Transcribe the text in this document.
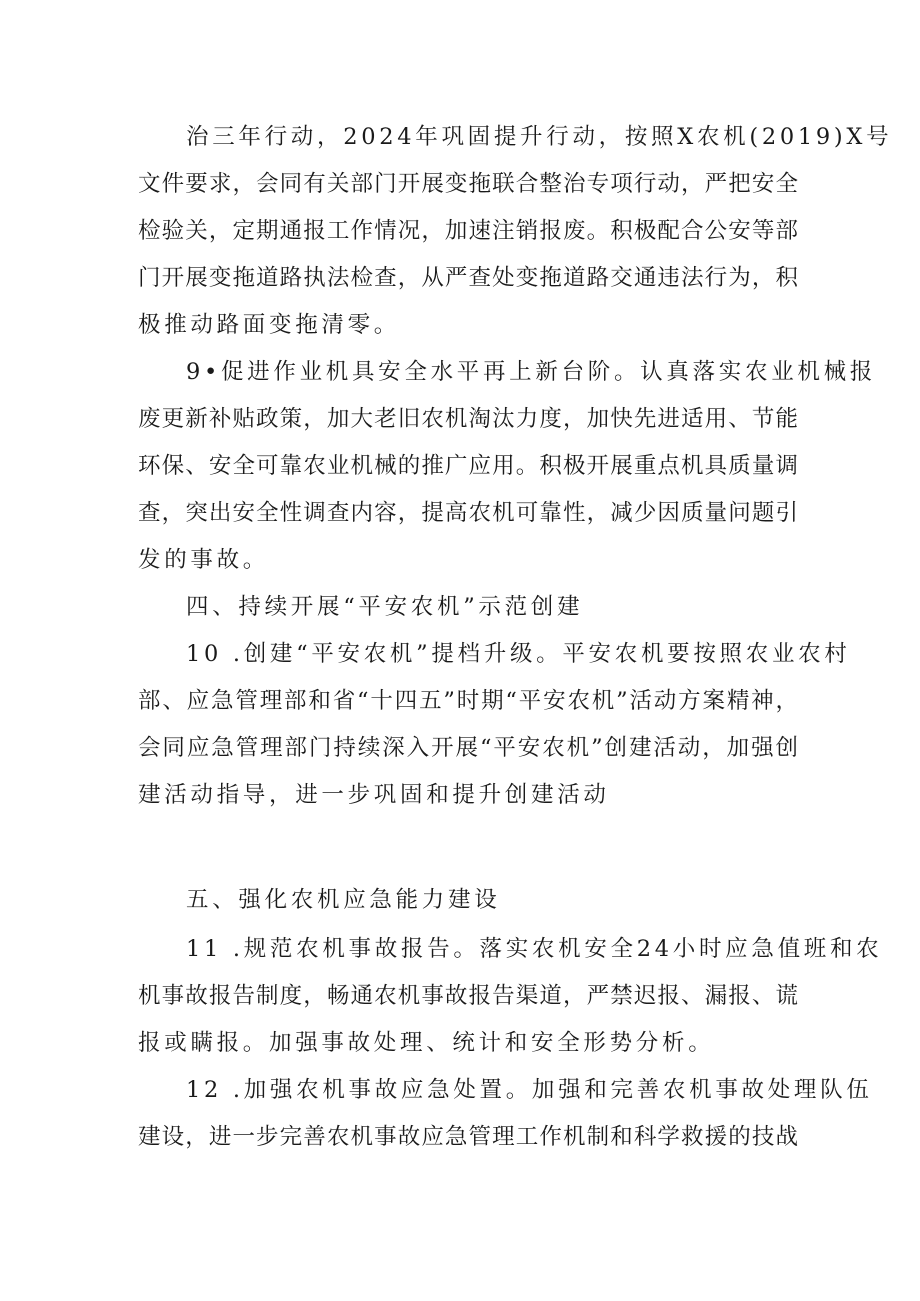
治三年行动，2024年巩固提升行动，按照X农机(2019)X号
文件要求，会同有关部门开展变拖联合整治专项行动，严把安全
检验关，定期通报工作情况，加速注销报废。积极配合公安等部
门开展变拖道路执法检查，从严查处变拖道路交通违法行为，积
极推动路面变拖清零。
9•促进作业机具安全水平再上新台阶。认真落实农业机械报
废更新补贴政策，加大老旧农机淘汰力度，加快先进适用、节能
环保、安全可靠农业机械的推广应用。积极开展重点机具质量调
查，突出安全性调查内容，提高农机可靠性，减少因质量问题引
发的事故。
四、持续开展“平安农机”示范创建
10 .创建“平安农机”提档升级。平安农机要按照农业农村
部、应急管理部和省“十四五”时期“平安农机”活动方案精神，
会同应急管理部门持续深入开展“平安农机”创建活动，加强创
建活动指导，进一步巩固和提升创建活动
五、强化农机应急能力建设
11 .规范农机事故报告。落实农机安全24小时应急值班和农
机事故报告制度，畅通农机事故报告渠道，严禁迟报、漏报、谎
报或瞒报。加强事故处理、统计和安全形势分析。
12 .加强农机事故应急处置。加强和完善农机事故处理队伍
建设，进一步完善农机事故应急管理工作机制和科学救援的技战
